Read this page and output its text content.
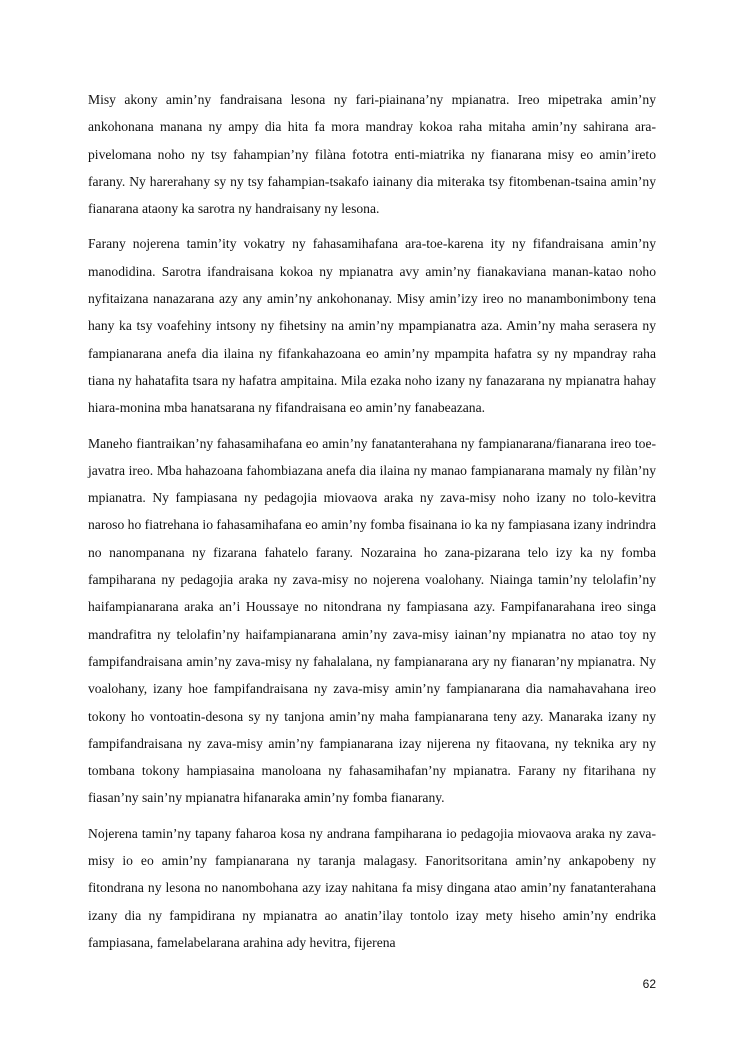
Misy akony amin’ny fandraisana lesona ny fari-piainana’ny mpianatra. Ireo mipetraka amin’ny ankohonana manana ny ampy dia hita fa mora mandray kokoa raha mitaha amin’ny sahirana ara-pivelomana noho ny tsy fahampian’ny filàna fototra enti-miatrika ny fianarana misy eo amin’ireto farany. Ny harerahany sy ny tsy fahampian-tsakafo iainany dia miteraka tsy fitombenan-tsaina amin’ny fianarana ataony ka sarotra ny handraisany ny lesona.

Farany nojerena tamin’ity vokatry ny fahasamihafana ara-toe-karena ity ny fifandraisana amin’ny manodidina. Sarotra ifandraisana kokoa ny mpianatra avy amin’ny fianakaviana manan-katao noho nyfitaizana nanazarana azy any amin’ny ankohonanay. Misy amin’izy ireo no manambonimbony tena hany ka tsy voafehiny intsony ny fihetsiny na amin’ny mpampianatra aza. Amin’ny maha serasera ny fampianarana anefa dia ilaina ny fifankahazoana eo amin’ny mpampita hafatra sy ny mpandray raha tiana ny hahatafita tsara ny hafatra ampitaina. Mila ezaka noho izany ny fanazarana ny mpianatra hahay hiara-monina mba hanatsarana ny fifandraisana eo amin’ny fanabeazana.

Maneho fiantraikan’ny fahasamihafana eo amin’ny fanatanterahana ny fampianarana/fianarana ireo toe-javatra ireo. Mba hahazoana fahombiazana anefa dia ilaina ny manao fampianarana mamaly ny filàn’ny mpianatra. Ny fampiasana ny pedagojia miovaova araka ny zava-misy noho izany no tolo-kevitra naroso ho fiatrehana io fahasamihafana eo amin’ny fomba fisainana io ka ny fampiasana izany indrindra no nanompanana ny fizarana fahatelo farany. Nozaraina ho zana-pizarana telo izy ka ny fomba fampiharana ny pedagojia araka ny zava-misy no nojerena voalohany. Niainga tamin’ny telolafin’ny haifampianarana araka an’i Houssaye no nitondrana ny fampiasana azy. Fampifanarahana ireo singa mandrafitra ny telolafin’ny haifampianarana amin’ny zava-misy iainan’ny mpianatra no atao toy ny fampifandraisana amin’ny zava-misy ny fahalalana, ny fampianarana ary ny fianaran’ny mpianatra. Ny voalohany, izany hoe fampifandraisana ny zava-misy amin’ny fampianarana dia namahavahana ireo tokony ho vontoatin-desona sy ny tanjona amin’ny maha fampianarana teny azy. Manaraka izany ny fampifandraisana ny zava-misy amin’ny fampianarana izay nijerena ny fitaovana, ny teknika ary ny tombana tokony hampiasaina manoloana ny fahasamihafan’ny mpianatra. Farany ny fitarihana ny fiasan’ny sain’ny mpianatra hifanaraka amin’ny fomba fianarany.

Nojerena tamin’ny tapany faharoa kosa ny andrana fampiharana io pedagojia miovaova araka ny zava-misy io eo amin’ny fampianarana ny taranja malagasy. Fanoritsoritana amin’ny ankapobeny ny fitondrana ny lesona no nanombohana azy izay nahitana fa misy dingana atao amin’ny fanatanterahana izany dia ny fampidirana ny mpianatra ao anatin’ilay tontolo izay mety hiseho amin’ny endrika fampiasana, famelabelarana arahina ady hevitra, fijerena

62
